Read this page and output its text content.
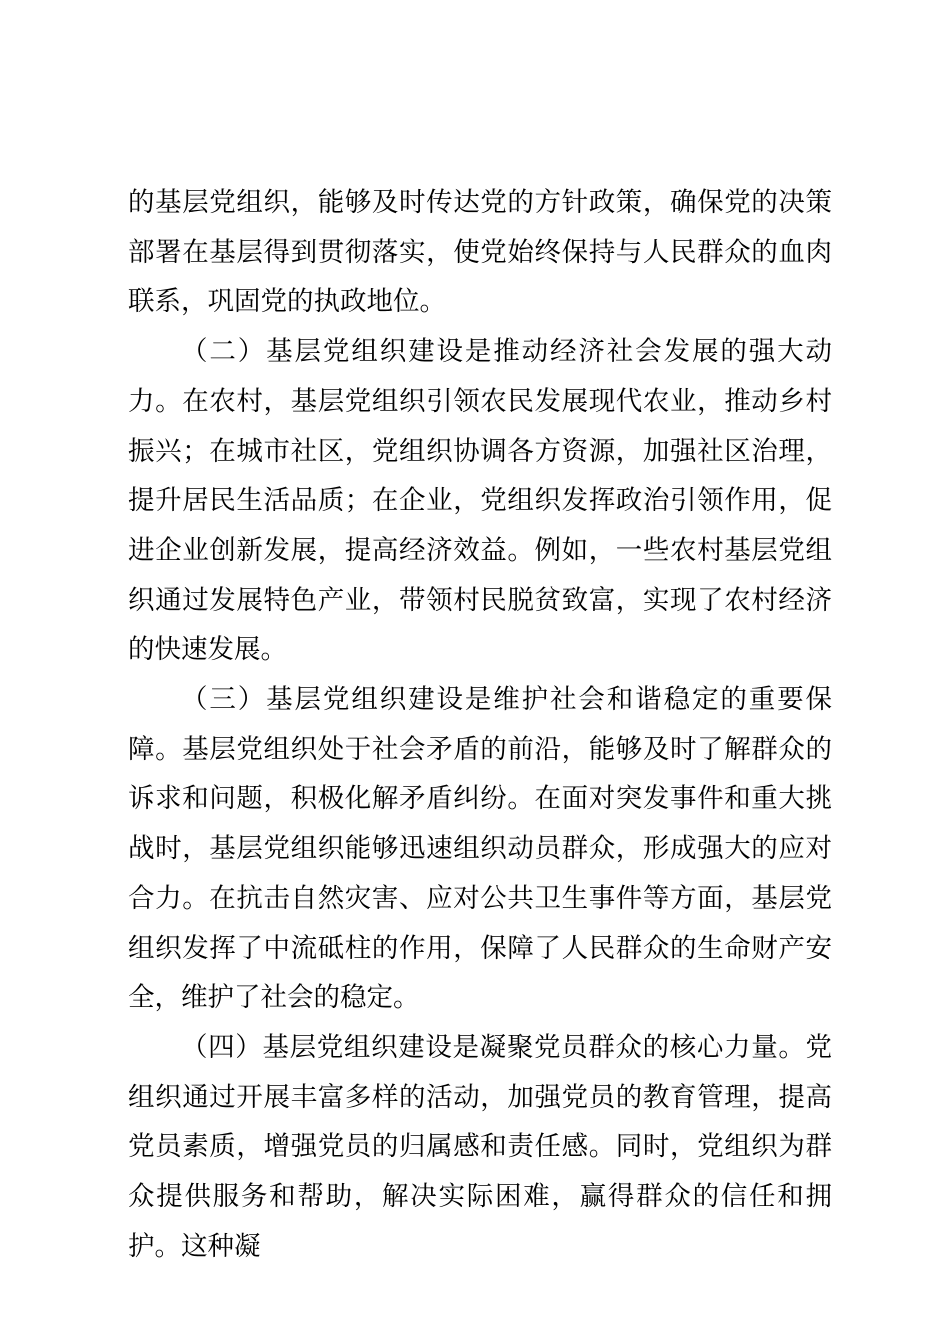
的基层党组织，能够及时传达党的方针政策，确保党的决策部署在基层得到贯彻落实，使党始终保持与人民群众的血肉联系，巩固党的执政地位。

（二）基层党组织建设是推动经济社会发展的强大动力。在农村，基层党组织引领农民发展现代农业，推动乡村振兴；在城市社区，党组织协调各方资源，加强社区治理，提升居民生活品质；在企业，党组织发挥政治引领作用，促进企业创新发展，提高经济效益。例如，一些农村基层党组织通过发展特色产业，带领村民脱贫致富，实现了农村经济的快速发展。

（三）基层党组织建设是维护社会和谐稳定的重要保障。基层党组织处于社会矛盾的前沿，能够及时了解群众的诉求和问题，积极化解矛盾纠纷。在面对突发事件和重大挑战时，基层党组织能够迅速组织动员群众，形成强大的应对合力。在抗击自然灾害、应对公共卫生事件等方面，基层党组织发挥了中流砥柱的作用，保障了人民群众的生命财产安全，维护了社会的稳定。

（四）基层党组织建设是凝聚党员群众的核心力量。党组织通过开展丰富多样的活动，加强党员的教育管理，提高党员素质，增强党员的归属感和责任感。同时，党组织为群众提供服务和帮助，解决实际困难，赢得群众的信任和拥护。这种凝
